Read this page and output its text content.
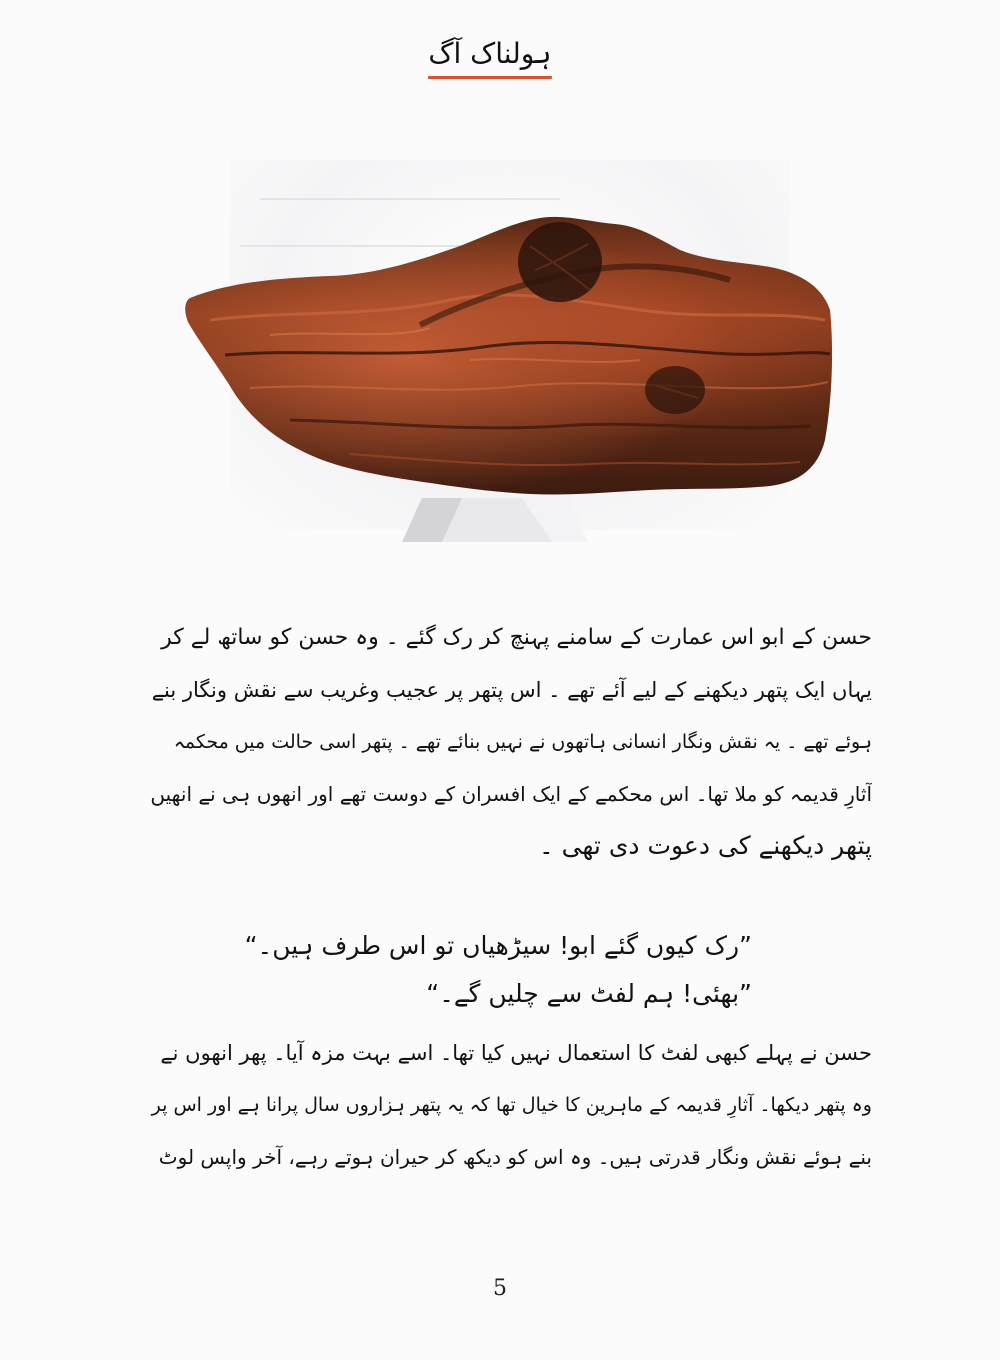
ہولناک آگ
حسن کے ابو اس عمارت کے سامنے پہنچ کر رک گئے ۔ وہ حسن کو ساتھ لے کر
یہاں ایک پتھر دیکھنے کے لیے آئے تھے ۔ اس پتھر پر عجیب وغریب سے نقش ونگار بنے
ہوئے تھے ۔ یہ نقش ونگار انسانی ہاتھوں نے نہیں بنائے تھے ۔ پتھر اسی حالت میں محکمہ
آثارِ قدیمہ کو ملا تھا۔ اس محکمے کے ایک افسران کے دوست تھے اور انھوں ہی نے انھیں
پتھر دیکھنے کی دعوت دی تھی ۔
”رک کیوں گئے ابو! سیڑھیاں تو اس طرف ہیں۔“
”بھئی! ہم لفٹ سے چلیں گے۔“
حسن نے پہلے کبھی لفٹ کا استعمال نہیں کیا تھا۔ اسے بہت مزہ آیا۔ پھر انھوں نے
وہ پتھر دیکھا۔ آثارِ قدیمہ کے ماہرین کا خیال تھا کہ یہ پتھر ہزاروں سال پرانا ہے اور اس پر
بنے ہوئے نقش ونگار قدرتی ہیں۔ وہ اس کو دیکھ کر حیران ہوتے رہے، آخر واپس لوٹ
5
